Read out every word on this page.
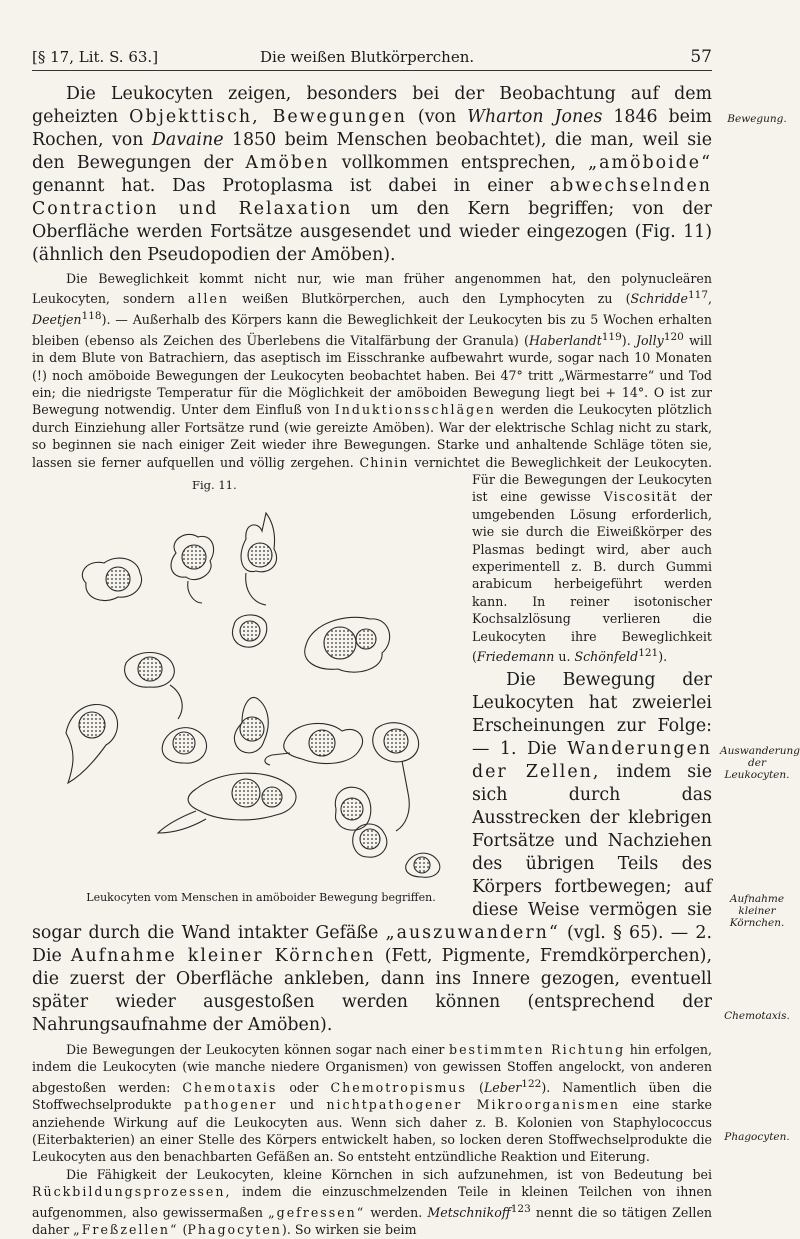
[§ 17, Lit. S. 63.]	Die weißen Blutkörperchen.	57

Die Leukocyten zeigen, besonders bei der Beobachtung auf dem geheizten Objekttisch, Bewegungen (von Wharton Jones 1846 beim Rochen, von Davaine 1850 beim Menschen beobachtet), die man, weil sie den Bewegungen der Amöben vollkommen entsprechen, „amöboide“ genannt hat. Das Protoplasma ist dabei in einer abwechselnden Contraction und Relaxation um den Kern begriffen; von der Oberfläche werden Fortsätze ausgesendet und wieder eingezogen (Fig. 11) (ähnlich den Pseudopodien der Amöben).

Die Beweglichkeit kommt nicht nur, wie man früher angenommen hat, den polynucleären Leukocyten, sondern allen weißen Blutkörperchen, auch den Lymphocyten zu (Schridde$^{117}$, Deetjen$^{118}$). — Außerhalb des Körpers kann die Beweglichkeit der Leukocyten bis zu 5 Wochen erhalten bleiben (ebenso als Zeichen des Überlebens die Vitalfärbung der Granula) (Haberlandt$^{119}$). Jolly$^{120}$ will in dem Blute von Batrachiern, das aseptisch im Eisschranke aufbewahrt wurde, sogar nach 10 Monaten (!) noch amöboide Bewegungen der Leukocyten beobachtet haben. Bei 47° tritt „Wärmestarre“ und Tod ein; die niedrigste Temperatur für die Möglichkeit der amöboiden Bewegung liegt bei + 14°. O ist zur Bewegung notwendig. Unter dem Einfluß von Induktionsschlägen werden die Leukocyten plötzlich durch Einziehung aller Fortsätze rund (wie gereizte Amöben). War der elektrische Schlag nicht zu stark, so beginnen sie nach einiger Zeit wieder ihre Bewegungen. Starke und anhaltende Schläge töten sie, lassen sie ferner aufquellen und völlig zergehen.
Fig. 11.
Leukocyten vom Menschen in amöboider Bewegung begriffen.
Chinin vernichtet die Beweglichkeit der Leukocyten. Für die Bewegungen der Leukocyten ist eine gewisse Viscosität der umgebenden Lösung erforderlich, wie sie durch die Eiweißkörper des Plasmas bedingt wird, aber auch experimentell z. B. durch Gummi arabicum herbeigeführt werden kann. In reiner isotonischer Kochsalzlösung verlieren die Leukocyten ihre Beweglichkeit (Friedemann u. Schönfeld$^{121}$).

Die Bewegung der Leukocyten hat zweierlei Erscheinungen zur Folge: — 1. Die Wanderungen der Zellen, indem sie sich durch das Ausstrecken der klebrigen Fortsätze und Nachziehen des übrigen Teils des Körpers fortbewegen; auf diese Weise vermögen sie sogar durch die Wand intakter Gefäße „auszuwandern“ (vgl. § 65). — 2. Die Aufnahme kleiner Körnchen (Fett, Pigmente, Fremdkörperchen), die zuerst der Oberfläche ankleben, dann ins Innere gezogen, eventuell später wieder ausgestoßen werden können (entsprechend der Nahrungsaufnahme der Amöben).

Die Bewegungen der Leukocyten können sogar nach einer bestimmten Richtung hin erfolgen, indem die Leukocyten (wie manche niedere Organismen) von gewissen Stoffen angelockt, von anderen abgestoßen werden: Chemotaxis oder Chemotropismus (Leber$^{122}$). Namentlich üben die Stoffwechselprodukte pathogener und nichtpathogener Mikroorganismen eine starke anziehende Wirkung auf die Leukocyten aus. Wenn sich daher z. B. Kolonien von Staphylococcus (Eiterbakterien) an einer Stelle des Körpers entwickelt haben, so locken deren Stoffwechselprodukte die Leukocyten aus den benachbarten Gefäßen an. So entsteht entzündliche Reaktion und Eiterung.

Die Fähigkeit der Leukocyten, kleine Körnchen in sich aufzunehmen, ist von Bedeutung bei Rückbildungsprozessen, indem die einzuschmelzenden Teile in kleinen Teilchen von ihnen aufgenommen, also gewissermaßen „gefressen“ werden. Metschnikoff$^{123}$ nennt die so tätigen Zellen daher „Freßzellen“ (Phagocyten). So wirken sie beim

Bewegung.
Auswanderung der Leukocyten.
Aufnahme kleiner Körnchen.
Chemotaxis.
Phagocyten.
